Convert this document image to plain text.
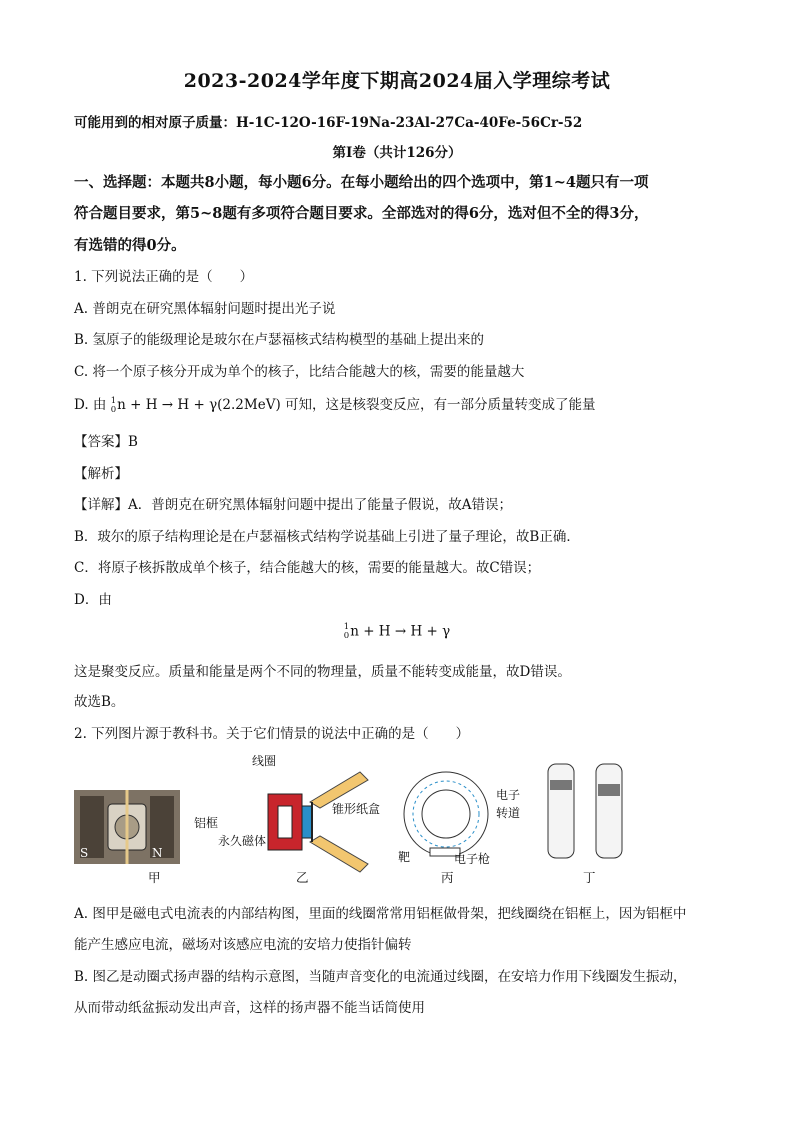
2023-2024学年度下期高2024届入学理综考试
可能用到的相对原子质量：H-1C-12O-16F-19Na-23Al-27Ca-40Fe-56Cr-52
第Ⅰ卷（共计126分）
一、选择题：本题共8小题，每小题6分。在每小题给出的四个选项中，第1~4题只有一项
符合题目要求，第5~8题有多项符合题目要求。全部选对的得6分，选对但不全的得3分，
有选错的得0分。
1. 下列说法正确的是（　　）
A. 普朗克在研究黑体辐射问题时提出光子说
B. 氢原子的能级理论是玻尔在卢瑟福核式结构模型的基础上提出来的
C. 将一个原子核分开成为单个的核子，比结合能越大的核，需要的能量越大
D. 由 1
0 n + H → H + γ(2.2MeV) 可知，这是核裂变反应，有一部分质量转变成了能量
【答案】B
【解析】
【详解】A．普朗克在研究黑体辐射问题中提出了能量子假说，故A错误；
B．玻尔的原子结构理论是在卢瑟福核式结构学说基础上引进了量子理论，故B正确．
C．将原子核拆散成单个核子，结合能越大的核，需要的能量越大。故C错误；
D．由
1
0 n + H → H + γ
这是聚变反应。质量和能量是两个不同的物理量，质量不能转变成能量，故D错误。
故选B。
2. 下列图片源于教科书。关于它们情景的说法中正确的是（　　）
S	N
铝框
线圈
锥形纸盒
永久磁体
电子
转道
靶	电子枪
甲	乙	丙	丁
A. 图甲是磁电式电流表的内部结构图，里面的线圈常常用铝框做骨架，把线圈绕在铝框上，因为铝框中
能产生感应电流，磁场对该感应电流的安培力使指针偏转
B. 图乙是动圈式扬声器的结构示意图，当随声音变化的电流通过线圈，在安培力作用下线圈发生振动，
从而带动纸盆振动发出声音，这样的扬声器不能当话筒使用
